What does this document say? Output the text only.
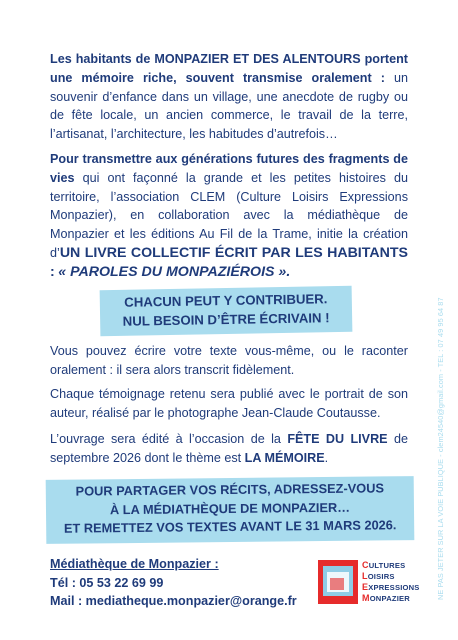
Les habitants de MONPAZIER ET DES ALENTOURS portent une mémoire riche, souvent transmise oralement : un souvenir d’enfance dans un village, une anecdote de rugby ou de fête locale, un ancien commerce, le travail de la terre, l’artisanat, l’architecture, les habitudes d’autrefois…

Pour transmettre aux générations futures des fragments de vies qui ont façonné la grande et les petites histoires du territoire, l’association CLEM (Culture Loisirs Expressions Monpazier), en collaboration avec la médiathèque de Monpazier et les éditions Au Fil de la Trame, initie la création d’UN LIVRE COLLECTIF ÉCRIT PAR LES HABITANTS : « PAROLES DU MONPAZIÉROIS ».

CHACUN PEUT Y CONTRIBUER.
NUL BESOIN D’ÊTRE ÉCRIVAIN !

Vous pouvez écrire votre texte vous-même, ou le raconter oralement : il sera alors transcrit fidèlement.

Chaque témoignage retenu sera publié avec le portrait de son auteur, réalisé par le photographe Jean-Claude Coutausse.

L’ouvrage sera édité à l’occasion de la FÊTE DU LIVRE de septembre 2026 dont le thème est LA MÉMOIRE.

POUR PARTAGER VOS RÉCITS, ADRESSEZ-VOUS
À LA MÉDIATHÈQUE DE MONPAZIER…
ET REMETTEZ VOS TEXTES AVANT LE 31 MARS 2026.
Médiathèque de Monpazier :
Tél : 05 53 22 69 99
Mail : mediatheque.monpazier@orange.fr
CULTURES
LOISIRS
EXPRESSIONS
MONPAZIER	NE PAS JETER SUR LA VOIE PUBLIQUE - clem24540@gmail.com - TEL : 07 49 95 64 87
